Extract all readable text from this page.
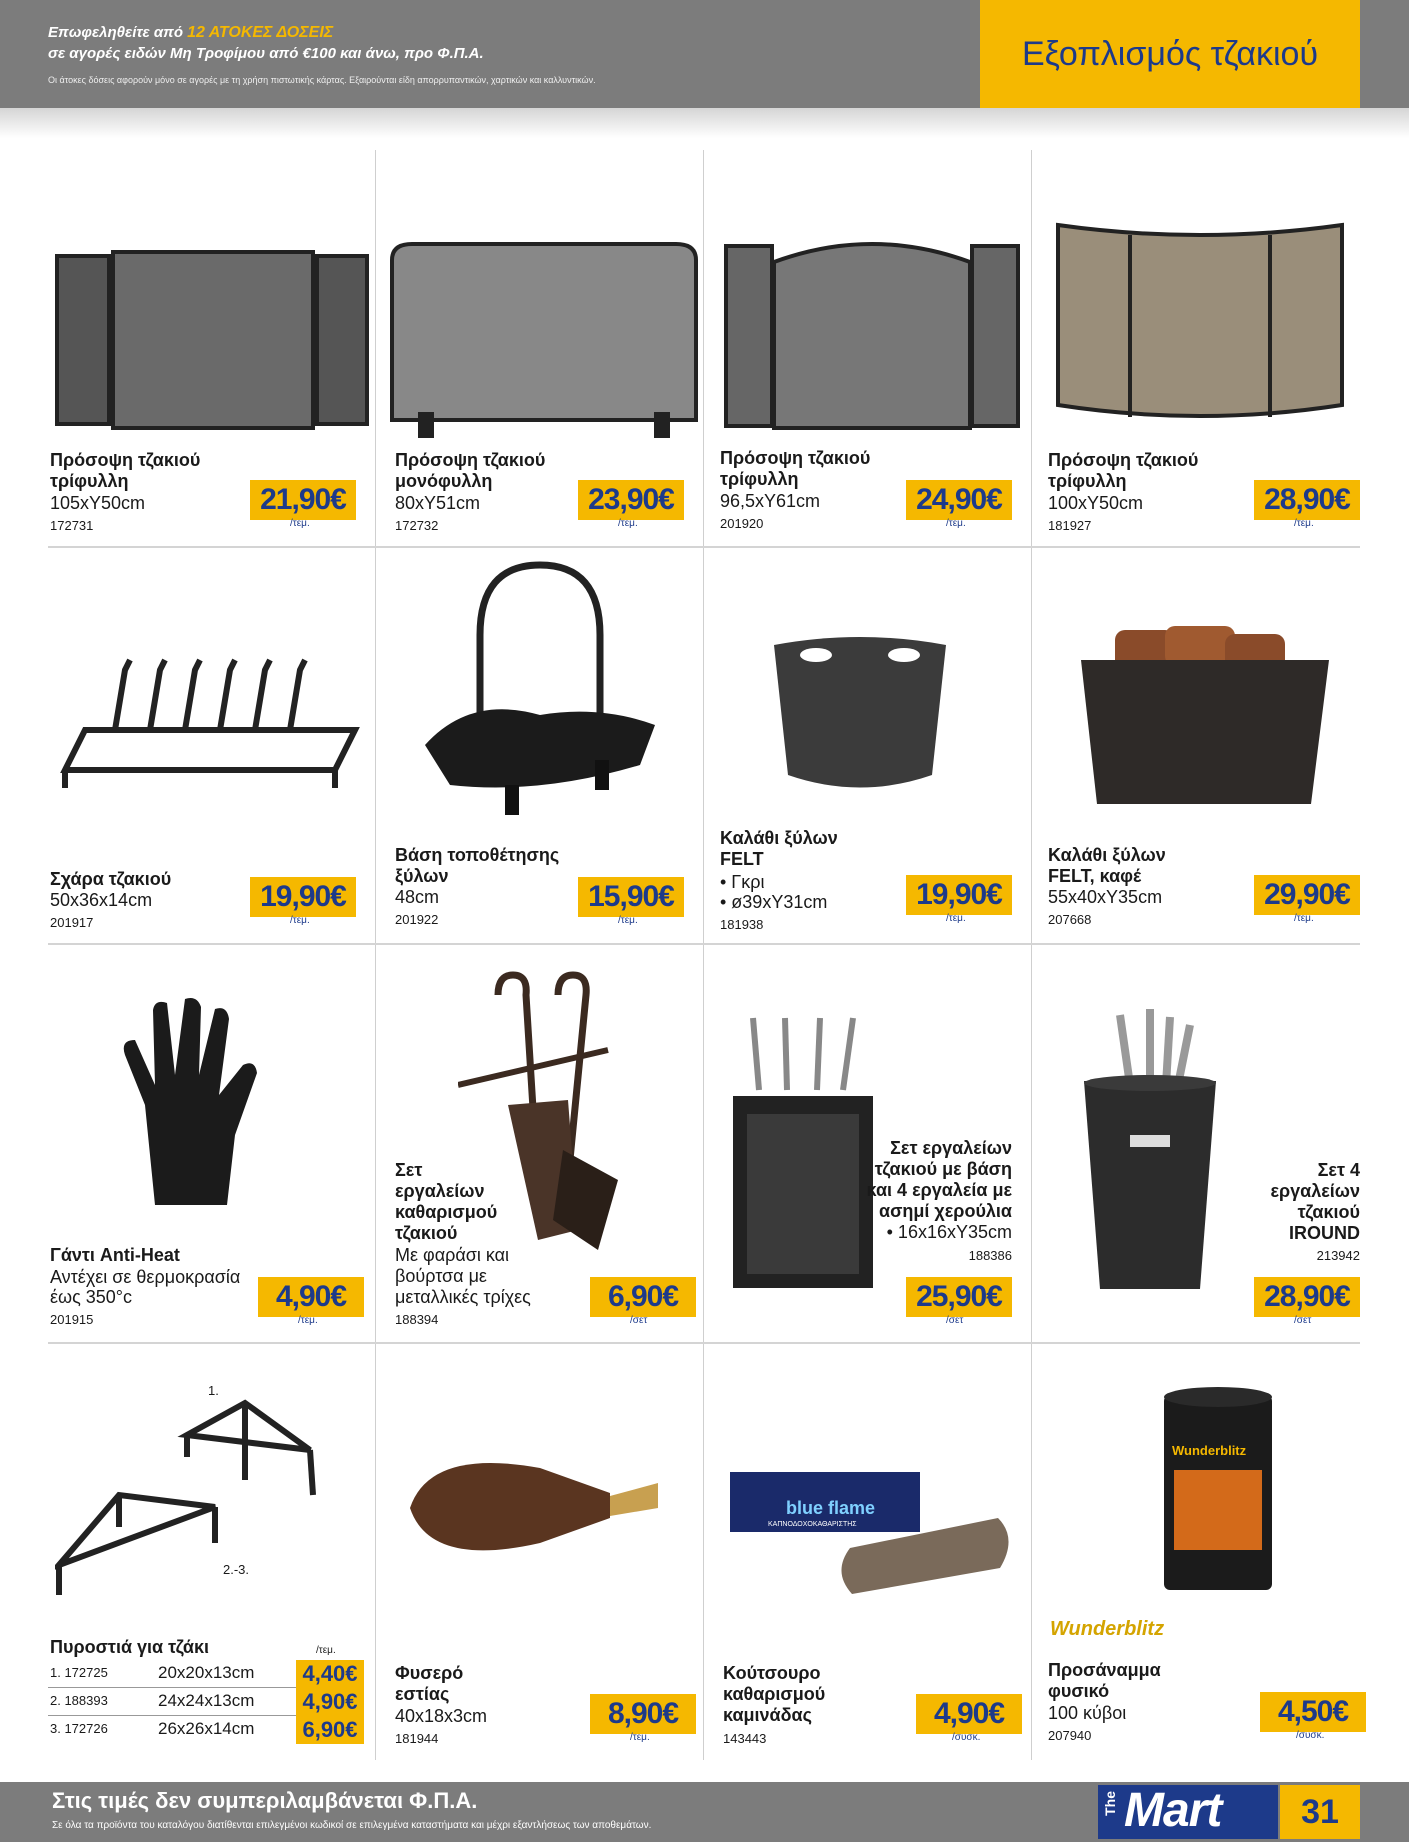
Επωφεληθείτε από 12 ΑΤΟΚΕΣ ΔΟΣΕΙΣ
σε αγορές ειδών Μη Τροφίμου από €100 και άνω, προ Φ.Π.Α.
Οι άτοκες δόσεις αφορούν μόνο σε αγορές με τη χρήση πιστωτικής κάρτας. Εξαιρούνται είδη απορρυπαντικών, χαρτικών και καλλυντικών.
Εξοπλισμός τζακιού
1.
2.-3.
blue flame
ΚΑΠΝΟΔΟΧΟΚΑΘΑΡΙΣΤΗΣ
Wunderblitz
Wunderblitz
Πρόσοψη τζακιού τρίφυλλη
105xΥ50cm
172731
21,90€
/τεμ.
Πρόσοψη τζακιού μονόφυλλη
80xΥ51cm
172732
23,90€
/τεμ.
Πρόσοψη τζακιού τρίφυλλη
96,5xΥ61cm
201920
24,90€
/τεμ.
Πρόσοψη τζακιού τρίφυλλη
100xΥ50cm
181927
28,90€
/τεμ.
Σχάρα τζακιού
50x36x14cm
201917
19,90€
/τεμ.
Βάση τοποθέτησης ξύλων
48cm
201922
15,90€
/τεμ.
Καλάθι ξύλων FELT
• Γκρι
• ø39xΥ31cm
181938
19,90€
/τεμ.
Καλάθι ξύλων FELT, καφέ
55x40xΥ35cm
207668
29,90€
/τεμ.
Γάντι Anti-Heat
Αντέχει σε θερμοκρασία
έως 350°c
201915
4,90€
/τεμ.
Σετ εργαλείων καθαρισμού τζακιού
Με φαράσι και
βούρτσα με
μεταλλικές τρίχες
188394
6,90€
/σετ
Σετ εργαλείων τζακιού με βάση και 4 εργαλεία με ασημί χερούλια
• 16x16xΥ35cm
188386
25,90€
/σετ
Σετ 4 εργαλείων τζακιού IROUND
213942
28,90€
/σετ
Πυροστιά για τζάκι	/τεμ.
1. 172725	20x20x13cm 4,40€
2. 188393	24x24x13cm 4,90€
3. 172726	26x26x14cm 6,90€
Φυσερό εστίας
40x18x3cm
181944
8,90€
/τεμ.
Κούτσουρο καθαρισμού καμινάδας
143443
4,90€
/συσκ.
Προσάναμμα φυσικό
100 κύβοι
207940
4,50€
/συσκ.
Στις τιμές δεν συμπεριλαμβάνεται Φ.Π.Α.
Σε όλα τα προϊόντα του καταλόγου διατίθενται επιλεγμένοι κωδικοί σε επιλεγμένα καταστήματα και μέχρι εξαντλήσεως των αποθεμάτων.
The Mart	31
